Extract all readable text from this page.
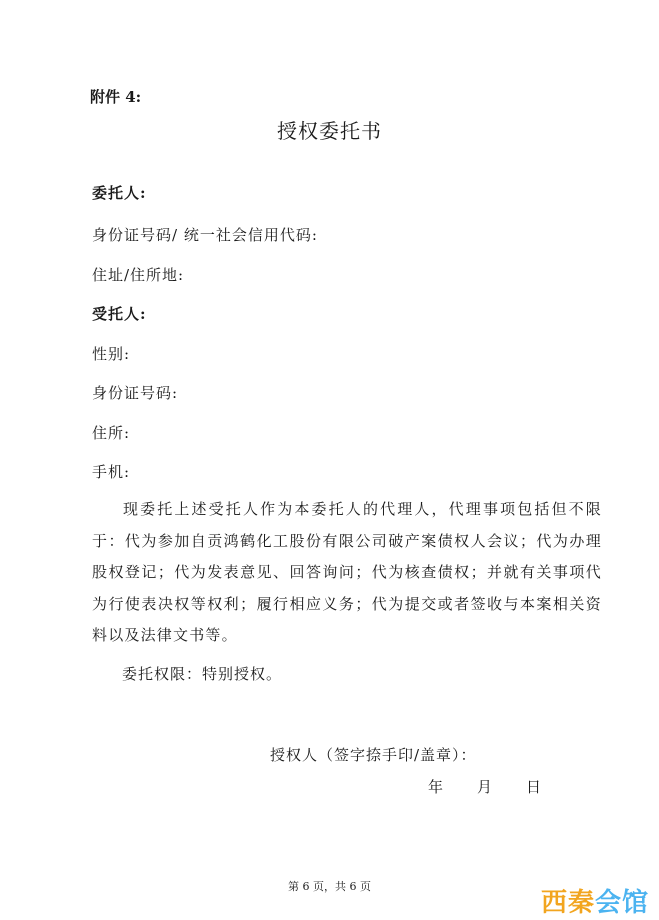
附件 4:
授权委托书
委托人:
身份证号码/ 统一社会信用代码:
住址/住所地:
受托人:
性别:
身份证号码:
住所:
手机:
现委托上述受托人作为本委托人的代理人，代理事项包括但不限于：代为参加自贡鸿鹤化工股份有限公司破产案债权人会议；代为办理股权登记；代为发表意见、回答询问；代为核查债权；并就有关事项代为行使表决权等权利；履行相应义务；代为提交或者签收与本案相关资料以及法律文书等。
委托权限：特别授权。
授权人（签字捺手印/盖章）：
年 月 日
第 6 页，共 6 页
西秦会馆
